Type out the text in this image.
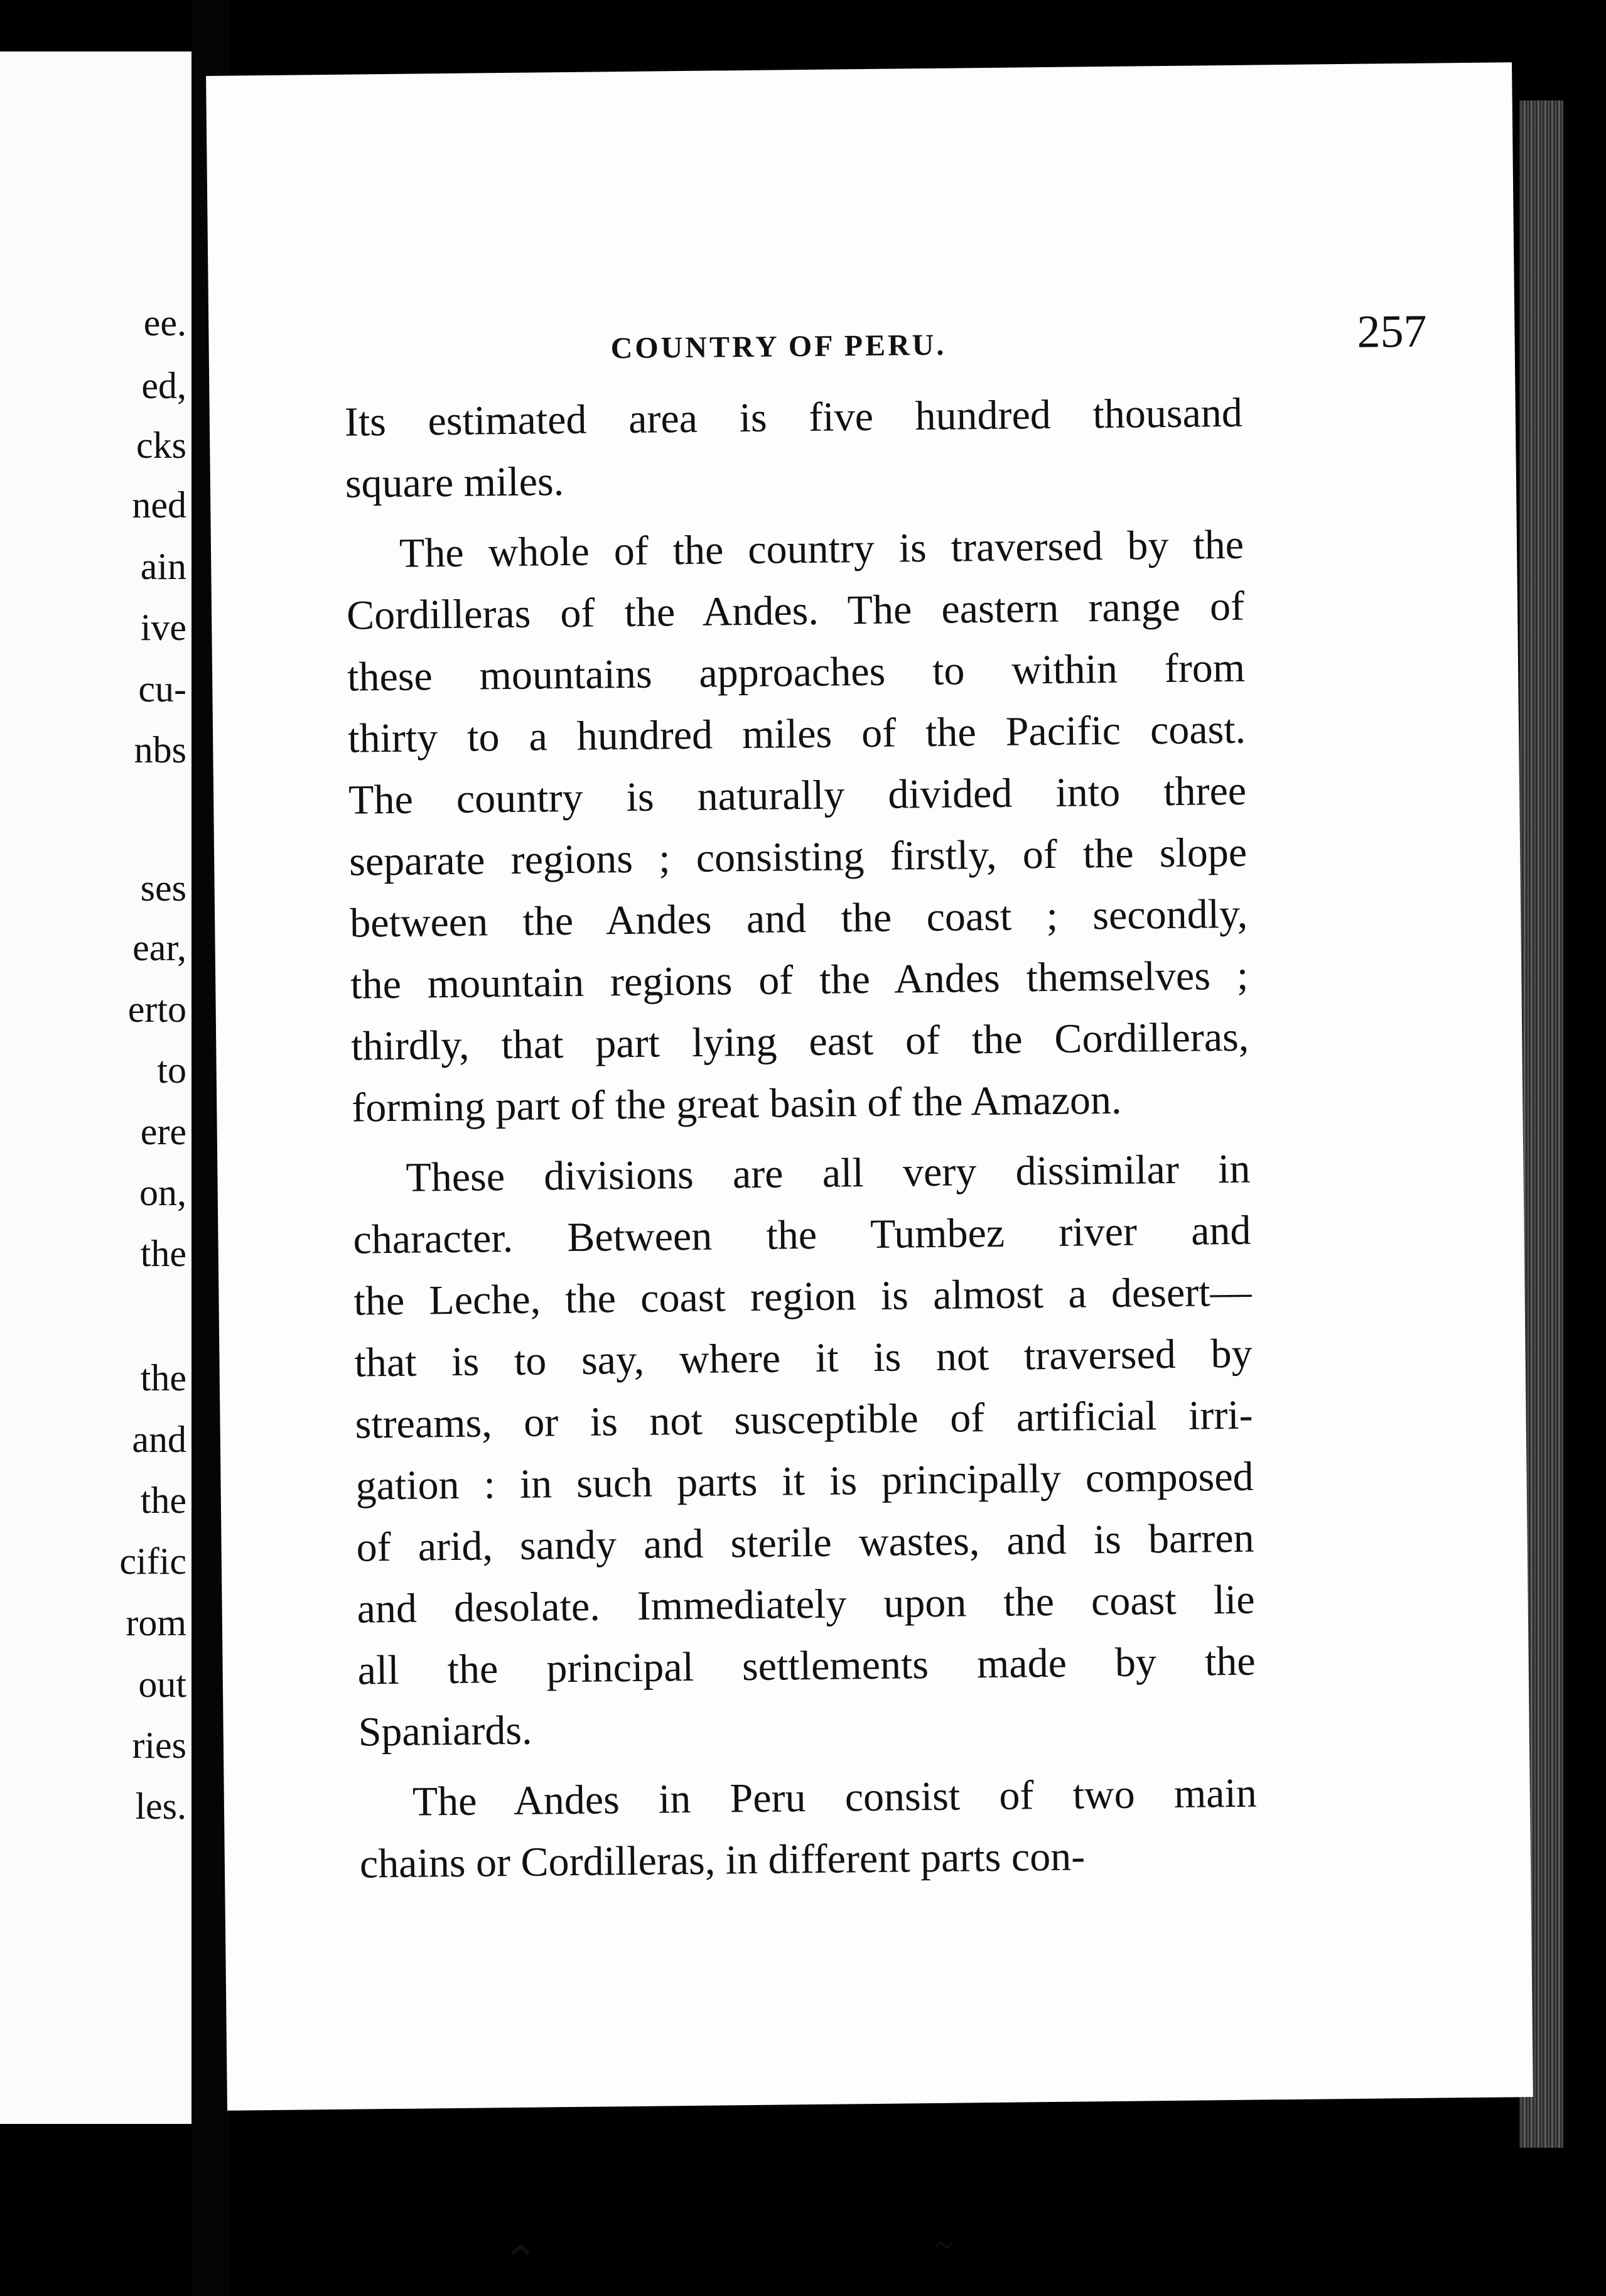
ee.
ed,
cks
ned
ain
ive
cu-
nbs
ses
ear,
erto
to
ere
on,
the
the
and
the
cific
rom
out
ries
les.
COUNTRY OF PERU.	257
Its estimated area is five hundred thousand
square miles.
The whole of the country is traversed by the
Cordilleras of the Andes. The eastern range of
these mountains approaches to within from
thirty to a hundred miles of the Pacific coast.
The country is naturally divided into three
separate regions ; consisting firstly, of the slope
between the Andes and the coast ; secondly,
the mountain regions of the Andes themselves ;
thirdly, that part lying east of the Cordilleras,
forming part of the great basin of the Amazon.
These divisions are all very dissimilar in
character. Between the Tumbez river and
the Leche, the coast region is almost a desert—
that is to say, where it is not traversed by
streams, or is not susceptible of artificial irri-
gation : in such parts it is principally composed
of arid, sandy and sterile wastes, and is barren
and desolate. Immediately upon the coast lie
all the principal settlements made by the
Spaniards.
The Andes in Peru consist of two main
chains or Cordilleras, in different parts con-
⌃	~
